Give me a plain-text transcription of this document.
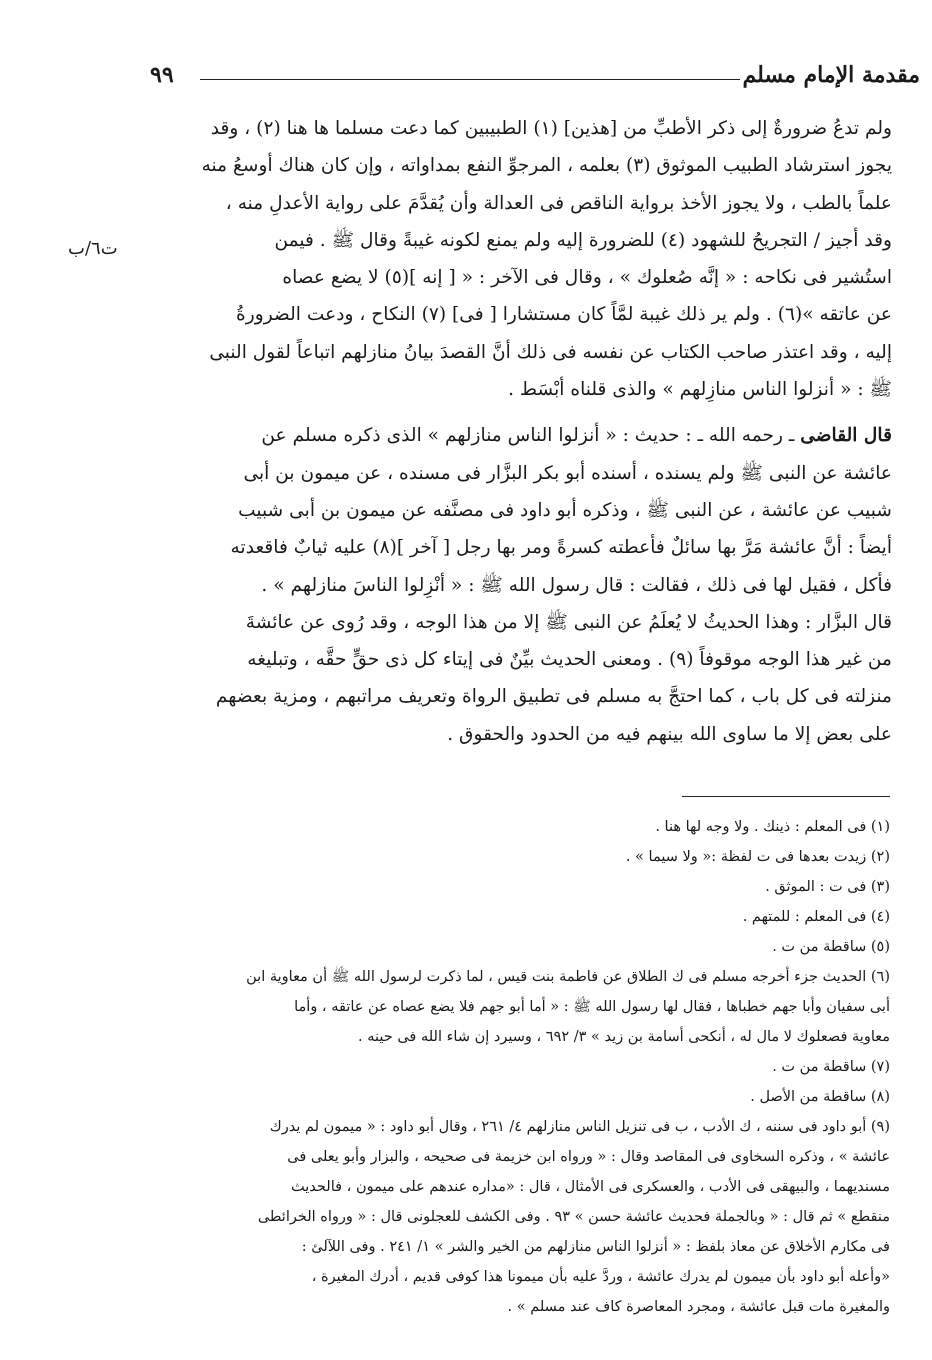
مقدمة الإمام مسلم
٩٩
ت٦/ب
ولم تدعُ ضرورةٌ إلى ذكر الأطبِّ من [هذين] (١) الطبيبين كما دعت مسلما ها هنا (٢) ، وقد
يجوز استرشاد الطبيب الموثوق (٣) بعلمه ، المرجوِّ النفع بمداواته ، وإن كان هناك أوسعُ منه
علماً بالطب ، ولا يجوز الأخذ برواية الناقص فى العدالة وأن يُقدَّمَ على رواية الأعدلِ منه ،
وقد أجيز / التجريحُ للشهود (٤) للضرورة إليه ولم يمنع لكونه غيبةً وقال ﷺ . فيمن
استُشير فى نكاحه : « إنَّه صُعلوك » ، وقال فى الآخر : « [ إنه ](٥) لا يضع عصاه
عن عاتقه »(٦) . ولم ير ذلك غيبة لمَّاً كان مستشارا [ فى] (٧) النكاح ، ودعت الضرورةُ
إليه ، وقد اعتذر صاحب الكتاب عن نفسه فى ذلك أنَّ القصدَ بيانُ منازلهم اتباعاً لقول النبى
ﷺ : « أنزلوا الناس منازِلهم » والذى قلناه أبْسَط .
قال القاضى ـ رحمه الله ـ : حديث : « أنزلوا الناس منازلهم » الذى ذكره مسلم عن
عائشة عن النبى ﷺ ولم يسنده ، أسنده أبو بكر البزَّار فى مسنده ، عن ميمون بن أبى
شبيب عن عائشة ، عن النبى ﷺ ، وذكره أبو داود فى مصنَّفه عن ميمون بن أبى شبيب
أيضاً : أنَّ عائشة مَرَّ بها سائلٌ فأعطته كسرةً ومر بها رجل [ آخر ](٨) عليه ثيابٌ فاقعدته
فأكل ، فقيل لها فى ذلك ، فقالت : قال رسول الله ﷺ : « أنْزِلوا الناسَ منازلهم » .
قال البزَّار : وهذا الحديثُ لا يُعلَمُ عن النبى ﷺ إلا من هذا الوجه ، وقد رُوى عن عائشةَ
من غير هذا الوجه موقوفاً (٩) . ومعنى الحديث بيِّنٌ فى إيتاء كل ذى حقٍّ حقَّه ، وتبليغه
منزلته فى كل باب ، كما احتجَّ به مسلم فى تطبيق الرواة وتعريف مراتبهم ، ومزية بعضهم
على بعض إلا ما ساوى الله بينهم فيه من الحدود والحقوق .
(١) فى المعلم : ذينك . ولا وجه لها هنا .
(٢) زيدت بعدها فى ت لفظة :« ولا سيما » .
(٣) فى ت : الموثق .
(٤) فى المعلم : للمتهم .
(٥) ساقطة من ت .
(٦) الحديث جزء أخرجه مسلم فى ك الطلاق عن فاطمة بنت قيس ، لما ذكرت لرسول الله ﷺ أن معاوية ابن
أبى سفيان وأبا جهم خطباها ، فقال لها رسول الله ﷺ : « أما أبو جهم فلا يضع عصاه عن عاتقه ، وأما
معاوية فصعلوك لا مال له ، أنكحى أسامة بن زيد » ٣/ ٦٩٢ ، وسيرد إن شاء الله فى حينه .
(٧) ساقطة من ت .
(٨) ساقطة من الأصل .
(٩) أبو داود فى سننه ، ك الأدب ، ب فى تنزيل الناس منازلهم ٤/ ٢٦١ ، وقال أبو داود : « ميمون لم يدرك
عائشة » ، وذكره السخاوى فى المقاصد وقال : « ورواه ابن خزيمة فى صحيحه ، والبزار وأبو يعلى فى
مسنديهما ، والبيهقى فى الأدب ، والعسكرى فى الأمثال ، قال : «مداره عندهم على ميمون ، فالحديث
منقطع » ثم قال : « وبالجملة فحديث عائشة حسن » ٩٣ . وفى الكشف للعجلونى قال : « ورواه الخرائطى
فى مكارم الأخلاق عن معاذ بلفظ : « أنزلوا الناس منازلهم من الخير والشر » ١/ ٢٤١ . وفى اللآلئ :
«وأعله أبو داود بأن ميمون لم يدرك عائشة ، وردَّ عليه بأن ميمونا هذا كوفى قديم ، أدرك المغيرة ،
والمغيرة مات قبل عائشة ، ومجرد المعاصرة كاف عند مسلم » .
